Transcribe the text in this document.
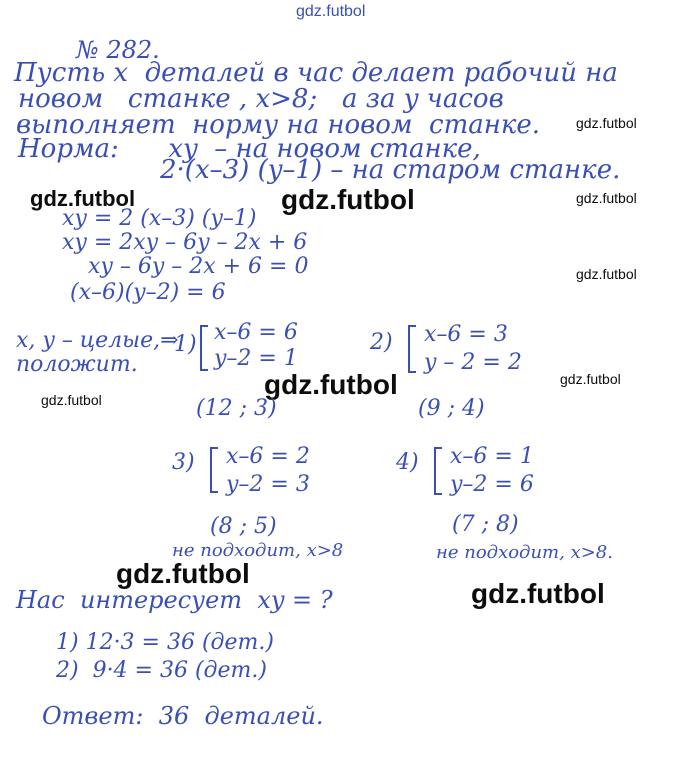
gdz.futbol
gdz.futbol	gdz.futbol
gdz.futbol
gdz.futbol
gdz.futbol
gdz.futbol	gdz.futbol
gdz.futbol
gdz.futbol
gdz.futbol
№ 282.
Пусть x  деталей в час делает рабочий на
новом   станке , x>8;   а за y часов
выполняет  норму на новом  станке.
Норма:      xy  – на новом станке,
2·(x–3) (y–1) – на старом станке.
xy = 2 (x–3) (y–1)
xy = 2xy – 6y – 2x + 6
xy – 6y – 2x + 6 = 0
(x–6)(y–2) = 6
x, y – целые,⇒
положит.
1) x–6 = 6
y–2 = 1
(12 ; 3)
2) x–6 = 3
y – 2 = 2
(9 ; 4)
3) x–6 = 2
y–2 = 3
(8 ; 5)
не подходит, x>8
4) x–6 = 1
y–2 = 6
(7 ; 8)
не подходит, x>8.
Нас  интересует  xy = ?
1) 12·3 = 36 (дет.)
2)  9·4 = 36 (дет.)
Ответ:  36  деталей.
